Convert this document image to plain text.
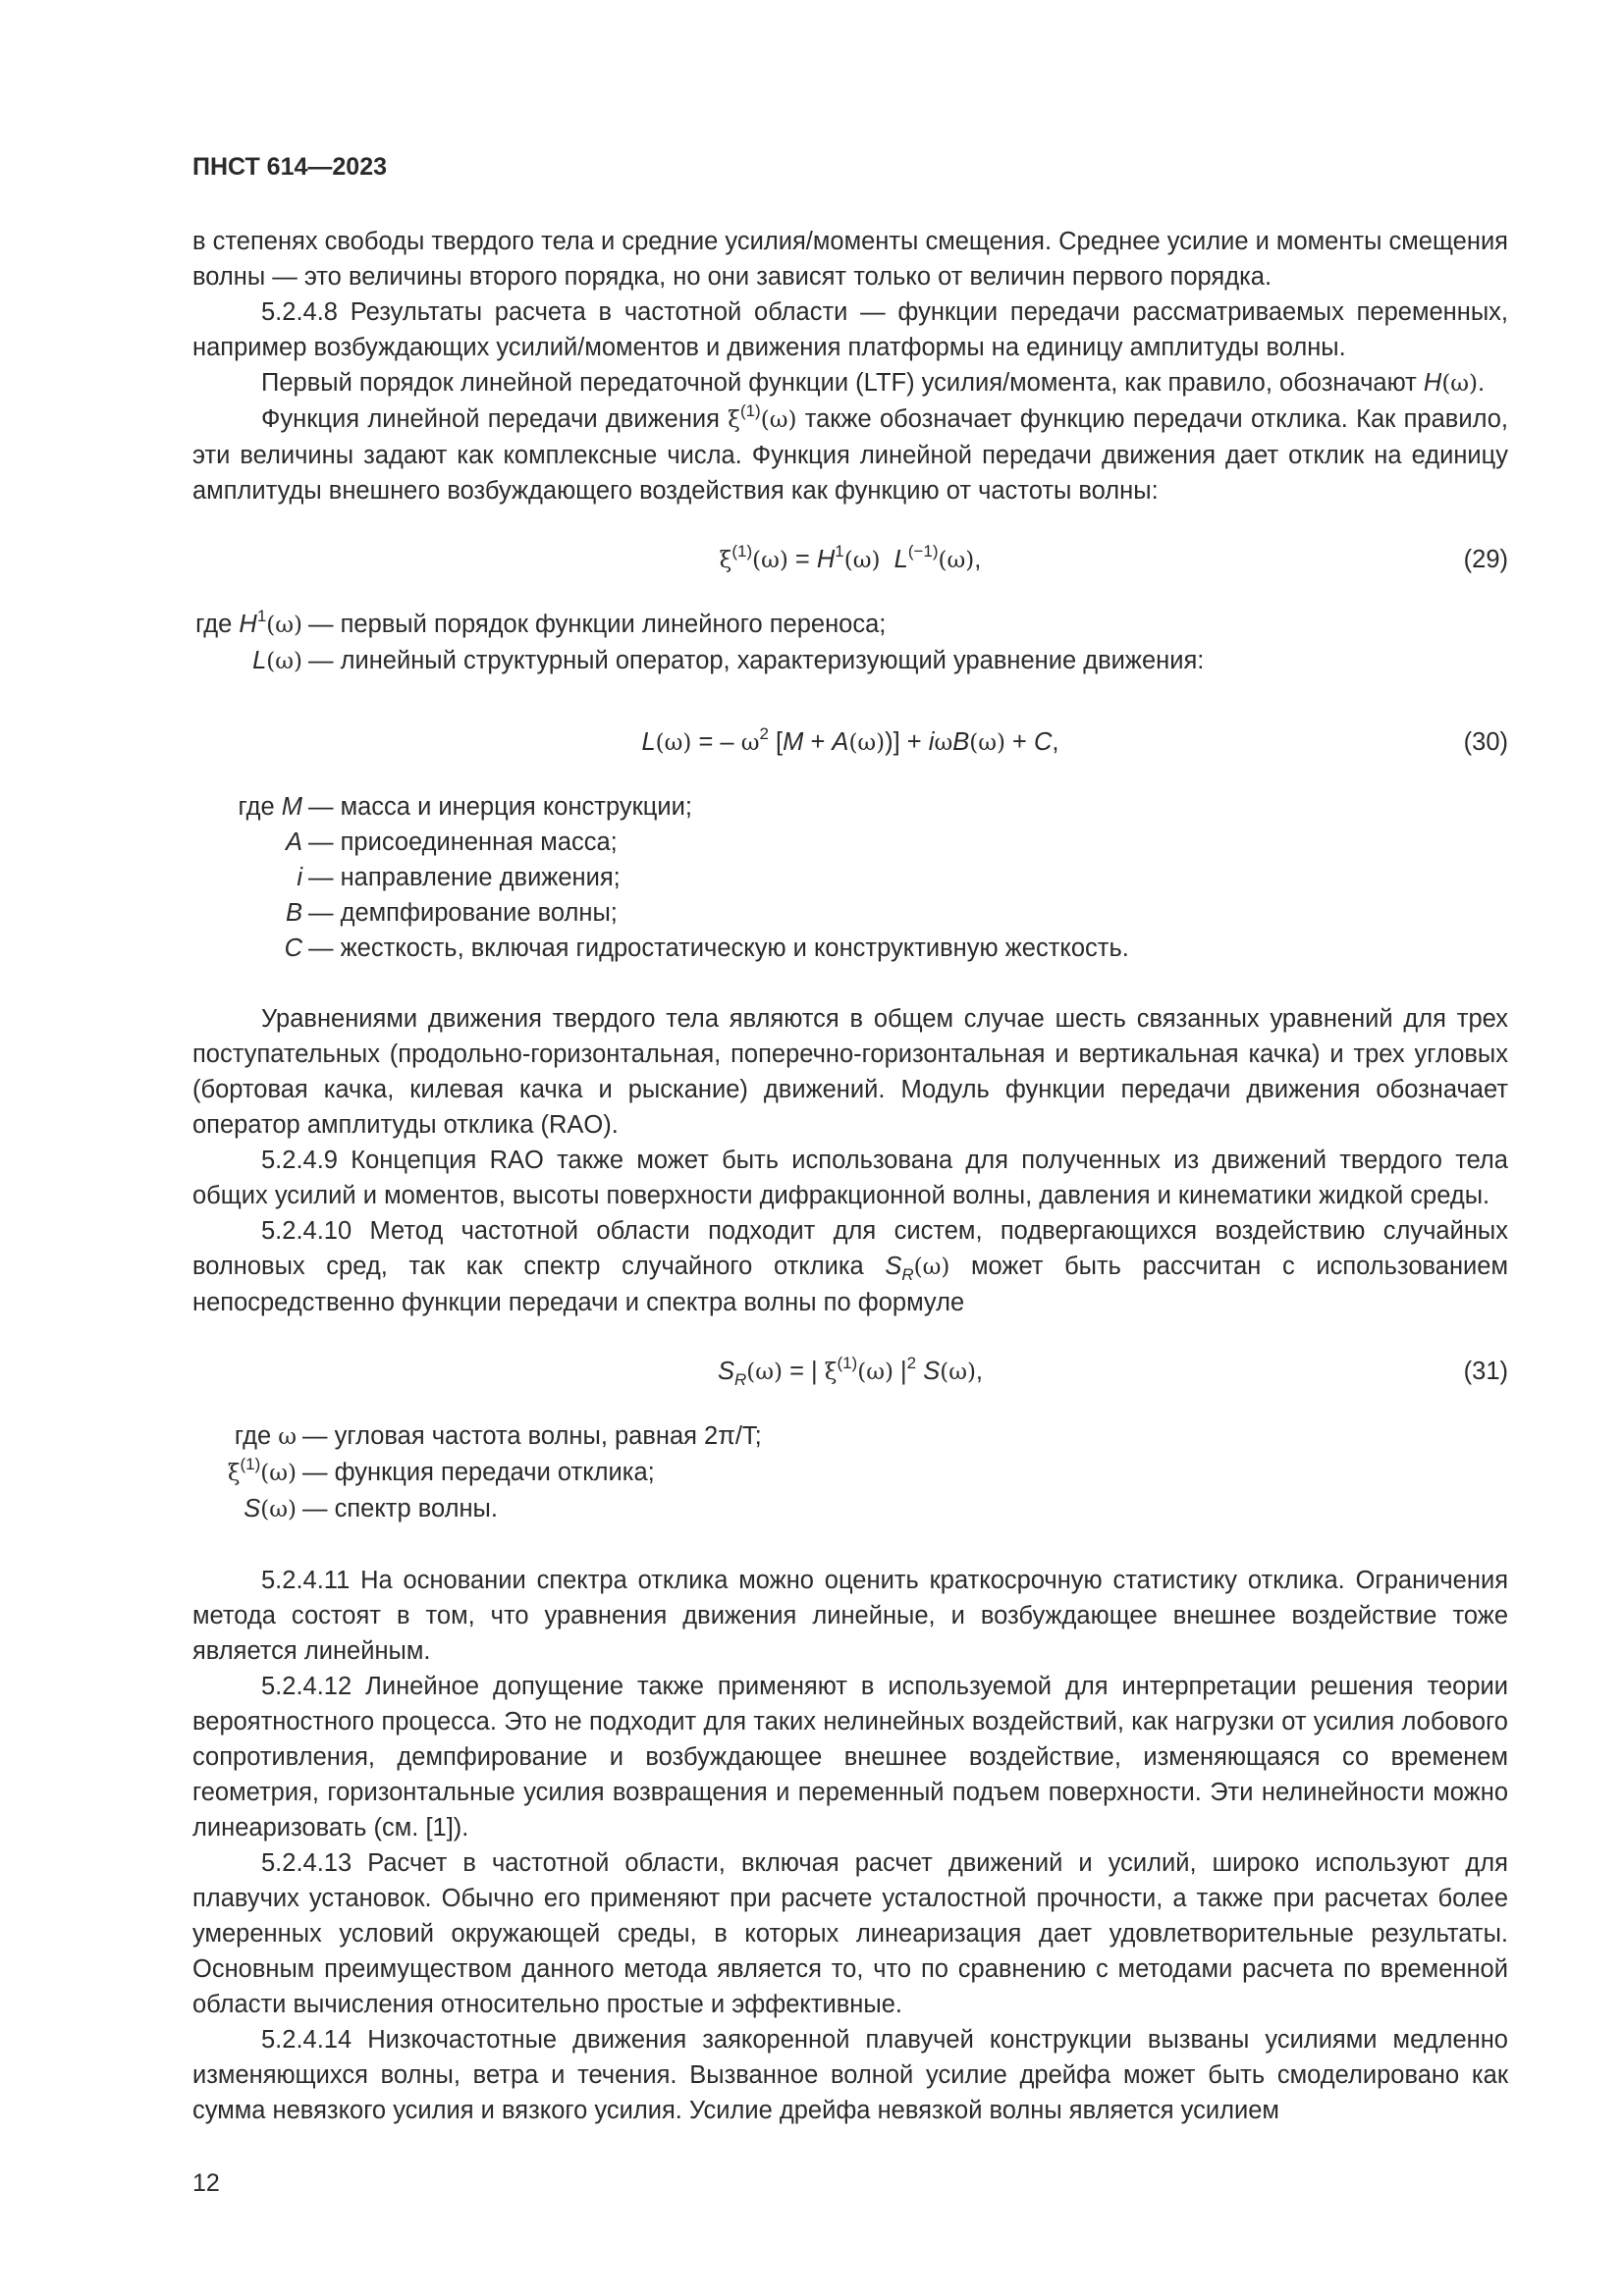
ПНСТ 614—2023

в степенях свободы твердого тела и средние усилия/моменты смещения. Среднее усилие и моменты смещения волны — это величины второго порядка, но они зависят только от величин первого порядка.

5.2.4.8 Результаты расчета в частотной области — функции передачи рассматриваемых переменных, например возбуждающих усилий/моментов и движения платформы на единицу амплитуды волны.

Первый порядок линейной передаточной функции (LTF) усилия/момента, как правило, обозначают H(ω).

Функция линейной передачи движения $\xi^{(1)}(\omega)$ также обозначает функцию передачи отклика. Как правило, эти величины задают как комплексные числа. Функция линейной передачи движения дает отклик на единицу амплитуды внешнего возбуждающего воздействия как функцию от частоты волны:

$\xi^{(1)}(\omega) = H^1(\omega)$ $L^{(-1)}(\omega)$,	(29)
где $H^1(\omega)$ — первый порядок функции линейного переноса;
L(ω) — линейный структурный оператор, характеризующий уравнение движения:
L(ω) = – $\omega^2$ [M + A(ω))] + iωB(ω) + C,	(30)
где M — масса и инерция конструкции;
A — присоединенная масса;
i — направление движения;
B — демпфирование волны;
C — жесткость, включая гидростатическую и конструктивную жесткость.

Уравнениями движения твердого тела являются в общем случае шесть связанных уравнений для трех поступательных (продольно-горизонтальная, поперечно-горизонтальная и вертикальная качка) и трех угловых (бортовая качка, килевая качка и рыскание) движений. Модуль функции передачи движения обозначает оператор амплитуды отклика (RAO).

5.2.4.9 Концепция RAO также может быть использована для полученных из движений твердого тела общих усилий и моментов, высоты поверхности дифракционной волны, давления и кинематики жидкой среды.

5.2.4.10 Метод частотной области подходит для систем, подвергающихся воздействию случайных волновых сред, так как спектр случайного отклика $S_R(\omega)$ может быть рассчитан с использованием непосредственно функции передачи и спектра волны по формуле

$S_R(\omega)$ = | $\xi^{(1)}(\omega)$ $|^2$ S(ω),	(31)
где ω — угловая частота волны, равная 2π/T;
$\xi^{(1)}(\omega)$ — функция передачи отклика;
S(ω) — спектр волны.

5.2.4.11 На основании спектра отклика можно оценить краткосрочную статистику отклика. Ограничения метода состоят в том, что уравнения движения линейные, и возбуждающее внешнее воздействие тоже является линейным.

5.2.4.12 Линейное допущение также применяют в используемой для интерпретации решения теории вероятностного процесса. Это не подходит для таких нелинейных воздействий, как нагрузки от усилия лобового сопротивления, демпфирование и возбуждающее внешнее воздействие, изменяющаяся со временем геометрия, горизонтальные усилия возвращения и переменный подъем поверхности. Эти нелинейности можно линеаризовать (см. [1]).

5.2.4.13 Расчет в частотной области, включая расчет движений и усилий, широко используют для плавучих установок. Обычно его применяют при расчете усталостной прочности, а также при расчетах более умеренных условий окружающей среды, в которых линеаризация дает удовлетворительные результаты. Основным преимуществом данного метода является то, что по сравнению с методами расчета по временной области вычисления относительно простые и эффективные.

5.2.4.14 Низкочастотные движения заякоренной плавучей конструкции вызваны усилиями медленно изменяющихся волны, ветра и течения. Вызванное волной усилие дрейфа может быть смоделировано как сумма невязкого усилия и вязкого усилия. Усилие дрейфа невязкой волны является усилием

12
